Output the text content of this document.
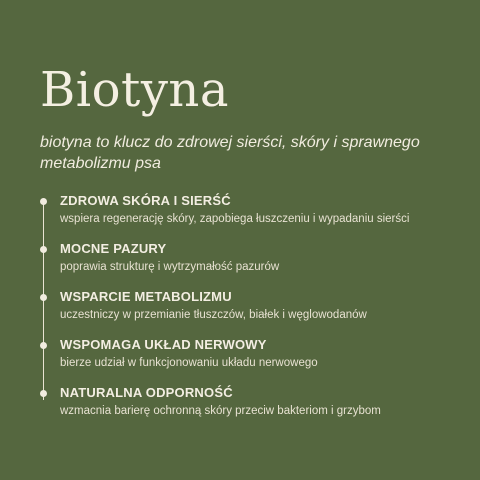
Biotyna

biotyna to klucz do zdrowej sierści, skóry i sprawnego metabolizmu psa

ZDROWA SKÓRA I SIERŚĆ
wspiera regenerację skóry, zapobiega łuszczeniu i wypadaniu sierści
MOCNE PAZURY
poprawia strukturę i wytrzymałość pazurów
WSPARCIE METABOLIZMU
uczestniczy w przemianie tłuszczów, białek i węglowodanów
WSPOMAGA UKŁAD NERWOWY
bierze udział w funkcjonowaniu układu nerwowego
NATURALNA ODPORNOŚĆ
wzmacnia barierę ochronną skóry przeciw bakteriom i grzybom
